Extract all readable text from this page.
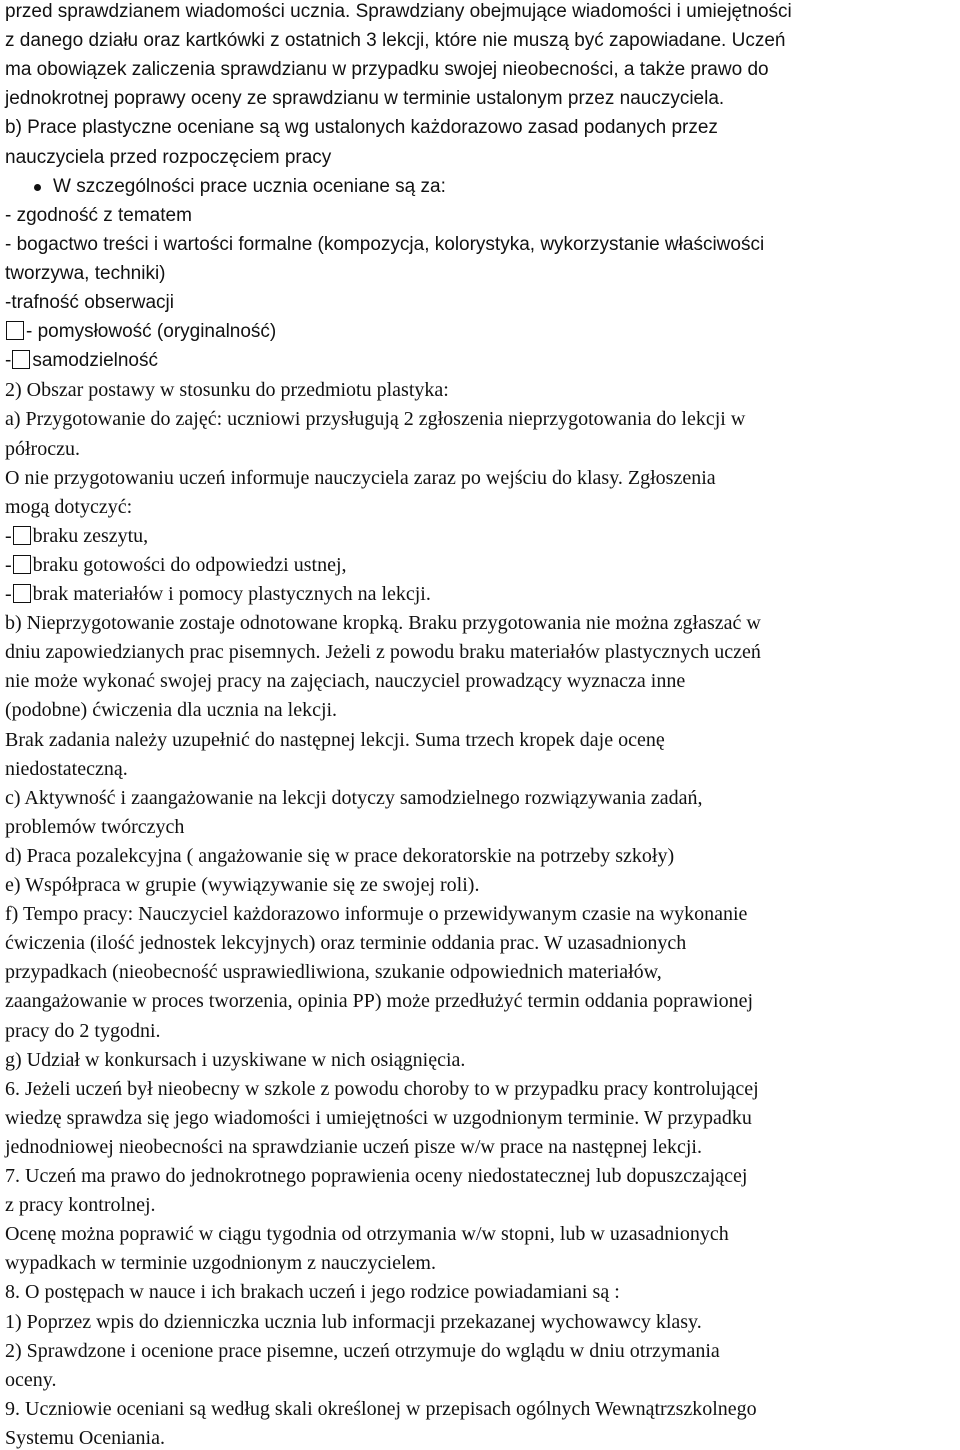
przed sprawdzianem wiadomości ucznia. Sprawdziany obejmujące wiadomości i umiejętności
z danego działu oraz kartkówki z ostatnich 3 lekcji, które nie muszą być zapowiadane. Uczeń
ma obowiązek zaliczenia sprawdzianu w przypadku swojej nieobecności, a także prawo do
jednokrotnej poprawy oceny ze sprawdzianu w terminie ustalonym przez nauczyciela.
b) Prace plastyczne oceniane są wg ustalonych każdorazowo zasad podanych przez
nauczyciela przed rozpoczęciem pracy
W szczególności prace ucznia oceniane są za:
- zgodność z tematem
- bogactwo treści i wartości formalne (kompozycja, kolorystyka, wykorzystanie właściwości
tworzywa, techniki)
-trafność obserwacji
- pomysłowość (oryginalność)
- samodzielność
2) Obszar postawy w stosunku do przedmiotu plastyka:
a) Przygotowanie do zajęć: uczniowi przysługują 2 zgłoszenia nieprzygotowania do lekcji w
półroczu.
O nie przygotowaniu uczeń informuje nauczyciela zaraz po wejściu do klasy. Zgłoszenia
mogą dotyczyć:
- braku zeszytu,
- braku gotowości do odpowiedzi ustnej,
- brak materiałów i pomocy plastycznych na lekcji.
b) Nieprzygotowanie zostaje odnotowane kropką. Braku przygotowania nie można zgłaszać w
dniu zapowiedzianych prac pisemnych. Jeżeli z powodu braku materiałów plastycznych uczeń
nie może wykonać swojej pracy na zajęciach, nauczyciel prowadzący wyznacza inne
(podobne) ćwiczenia dla ucznia na lekcji.
Brak zadania należy uzupełnić do następnej lekcji. Suma trzech kropek daje ocenę
niedostateczną.
c) Aktywność i zaangażowanie na lekcji dotyczy samodzielnego rozwiązywania zadań,
problemów twórczych
d) Praca pozalekcyjna ( angażowanie się w prace dekoratorskie na potrzeby szkoły)
e) Współpraca w grupie (wywiązywanie się ze swojej roli).
f) Tempo pracy: Nauczyciel każdorazowo informuje o przewidywanym czasie na wykonanie
ćwiczenia (ilość jednostek lekcyjnych) oraz terminie oddania prac. W uzasadnionych
przypadkach (nieobecność usprawiedliwiona, szukanie odpowiednich materiałów,
zaangażowanie w proces tworzenia, opinia PP) może przedłużyć termin oddania poprawionej
pracy do 2 tygodni.
g) Udział w konkursach i uzyskiwane w nich osiągnięcia.
6. Jeżeli uczeń był nieobecny w szkole z powodu choroby to w przypadku pracy kontrolującej
wiedzę sprawdza się jego wiadomości i umiejętności w uzgodnionym terminie. W przypadku
jednodniowej nieobecności na sprawdzianie uczeń pisze w/w prace na następnej lekcji.
7. Uczeń ma prawo do jednokrotnego poprawienia oceny niedostatecznej lub dopuszczającej
z pracy kontrolnej.
Ocenę można poprawić w ciągu tygodnia od otrzymania w/w stopni, lub w uzasadnionych
wypadkach w terminie uzgodnionym z nauczycielem.
8. O postępach w nauce i ich brakach uczeń i jego rodzice powiadamiani są :
1) Poprzez wpis do dzienniczka ucznia lub informacji przekazanej wychowawcy klasy.
2) Sprawdzone i ocenione prace pisemne, uczeń otrzymuje do wglądu w dniu otrzymania
oceny.
9. Uczniowie oceniani są według skali określonej w przepisach ogólnych Wewnątrzszkolnego
Systemu Oceniania.
